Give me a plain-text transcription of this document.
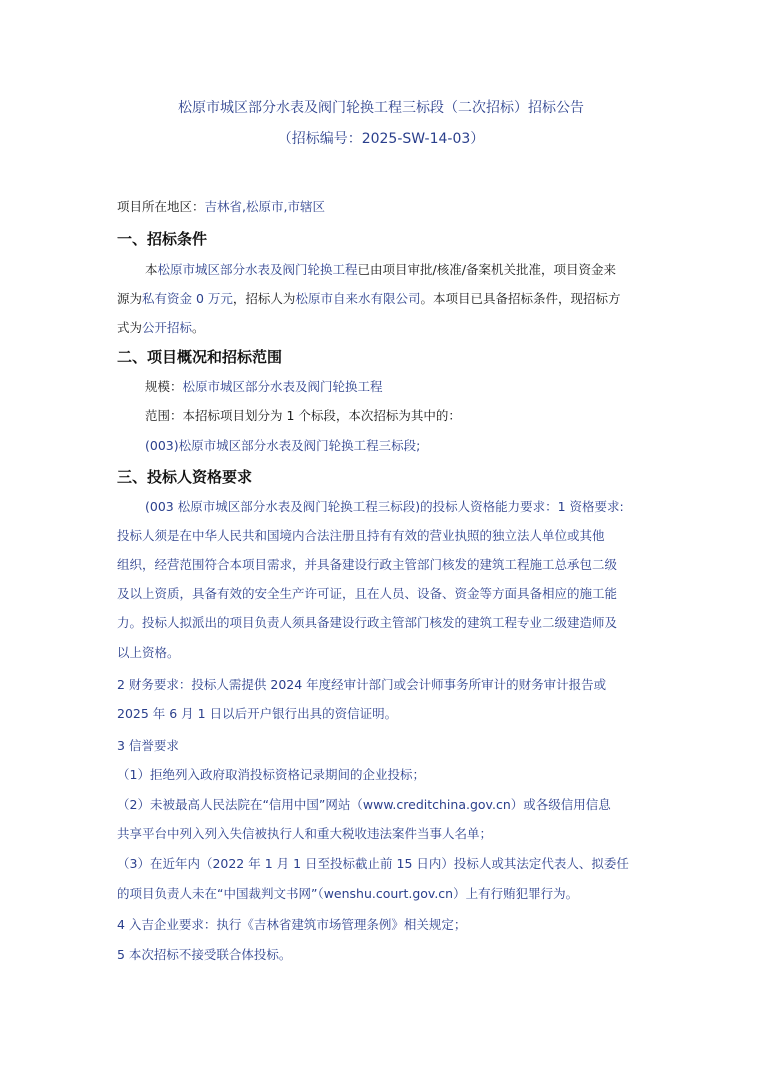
松原市城区部分水表及阀门轮换工程三标段（二次招标）招标公告
（招标编号：2025-SW-14-03）
项目所在地区：吉林省,松原市,市辖区
一、招标条件
本松原市城区部分水表及阀门轮换工程已由项目审批/核准/备案机关批准，项目资金来
源为私有资金 0 万元，招标人为松原市自来水有限公司。本项目已具备招标条件，现招标方
式为公开招标。
二、项目概况和招标范围
规模：松原市城区部分水表及阀门轮换工程
范围：本招标项目划分为 1 个标段，本次招标为其中的：
(003)松原市城区部分水表及阀门轮换工程三标段;
三、投标人资格要求
(003 松原市城区部分水表及阀门轮换工程三标段)的投标人资格能力要求：1 资格要求:
投标人须是在中华人民共和国境内合法注册且持有有效的营业执照的独立法人单位或其他
组织，经营范围符合本项目需求，并具备建设行政主管部门核发的建筑工程施工总承包二级
及以上资质，具备有效的安全生产许可证，且在人员、设备、资金等方面具备相应的施工能
力。投标人拟派出的项目负责人须具备建设行政主管部门核发的建筑工程专业二级建造师及
以上资格。
2 财务要求：投标人需提供 2024 年度经审计部门或会计师事务所审计的财务审计报告或
2025 年 6 月 1 日以后开户银行出具的资信证明。
3 信誉要求
（1）拒绝列入政府取消投标资格记录期间的企业投标；
（2）未被最高人民法院在“信用中国”网站（www.creditchina.gov.cn）或各级信用信息
共享平台中列入列入失信被执行人和重大税收违法案件当事人名单；
（3）在近年内（2022 年 1 月 1 日至投标截止前 15 日内）投标人或其法定代表人、拟委任
的项目负责人未在“中国裁判文书网”（wenshu.court.gov.cn）上有行贿犯罪行为。
4 入吉企业要求：执行《吉林省建筑市场管理条例》相关规定；
5 本次招标不接受联合体投标。
